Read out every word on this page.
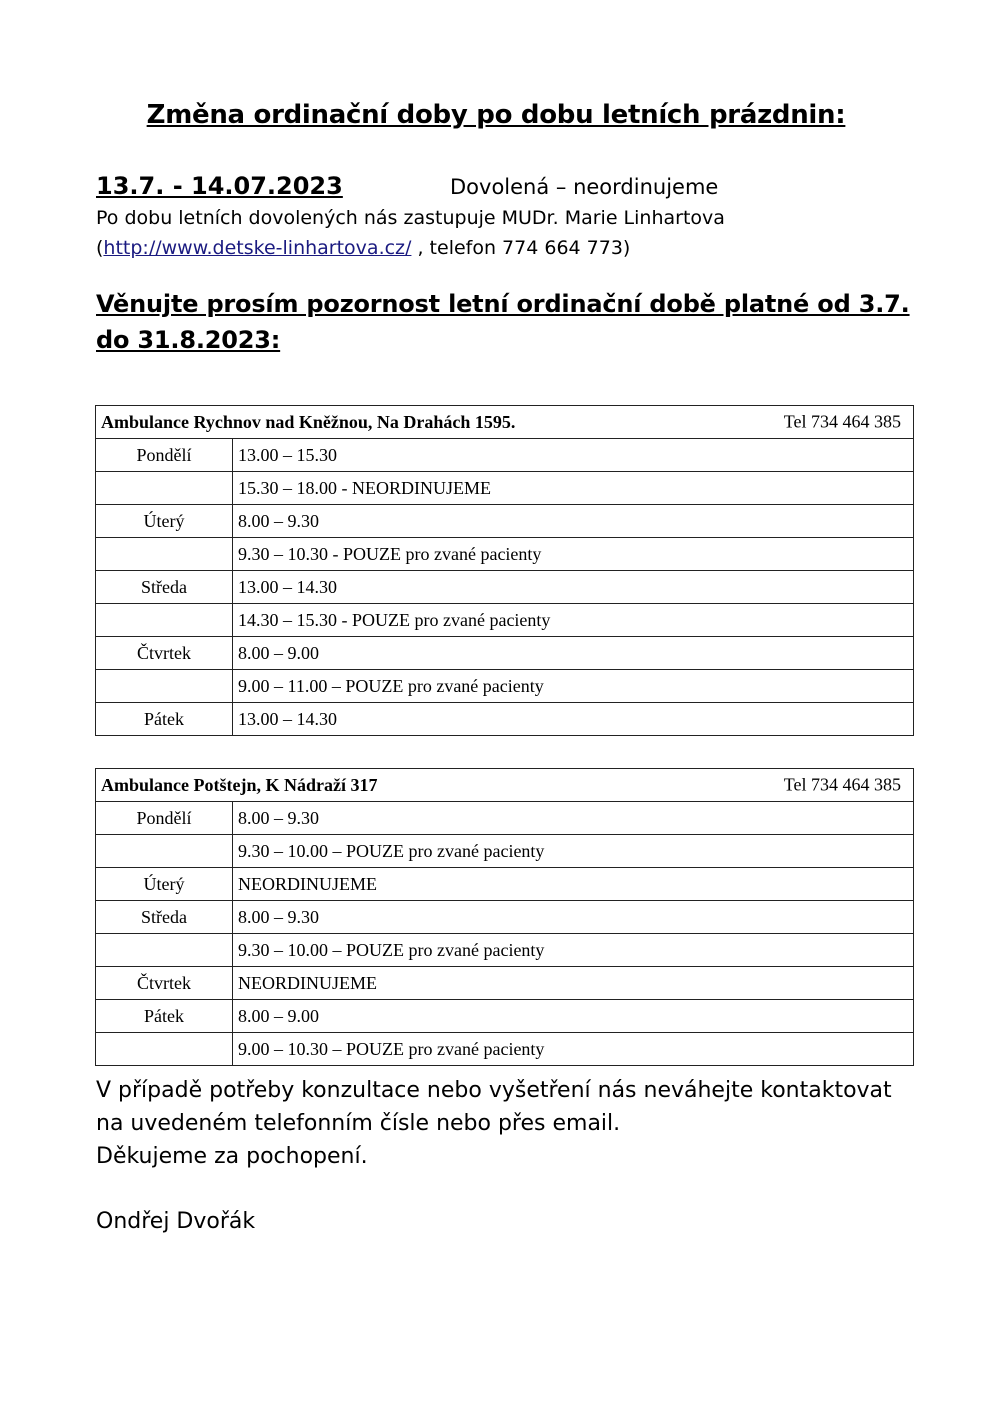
Změna ordinační doby po dobu letních prázdnin:
13.7. - 14.07.2023	Dovolená – neordinujeme
Po dobu letních dovolených nás zastupuje MUDr. Marie Linhartova
(http://www.detske-linhartova.cz/ , telefon 774 664 773)
Věnujte prosím pozornost letní ordinační době platné od 3.7. do 31.8.2023:
Ambulance Rychnov nad Kněžnou, Na Drahách 1595. Tel 734 464 385	

Pondělí	13.00 – 15.30
	15.30 – 18.00 - NEORDINUJEME
Úterý	8.00 – 9.30
	9.30 – 10.30 - POUZE pro zvané pacienty
Středa	13.00 – 14.30
	14.30 – 15.30 - POUZE pro zvané pacienty
Čtvrtek	8.00 – 9.00
	9.00 – 11.00 – POUZE pro zvané pacienty
Pátek	13.00 – 14.30
Ambulance Potštejn, K Nádraží 317 Tel 734 464 385	

Pondělí	8.00 – 9.30
	9.30 – 10.00 – POUZE pro zvané pacienty
Úterý	NEORDINUJEME
Středa	8.00 – 9.30
	9.30 – 10.00 – POUZE pro zvané pacienty
Čtvrtek	NEORDINUJEME
Pátek	8.00 – 9.00
	9.00 – 10.30 – POUZE pro zvané pacienty
V případě potřeby konzultace nebo vyšetření nás neváhejte kontaktovat
na uvedeném telefonním čísle nebo přes email.
Děkujeme za pochopení.
Ondřej Dvořák
